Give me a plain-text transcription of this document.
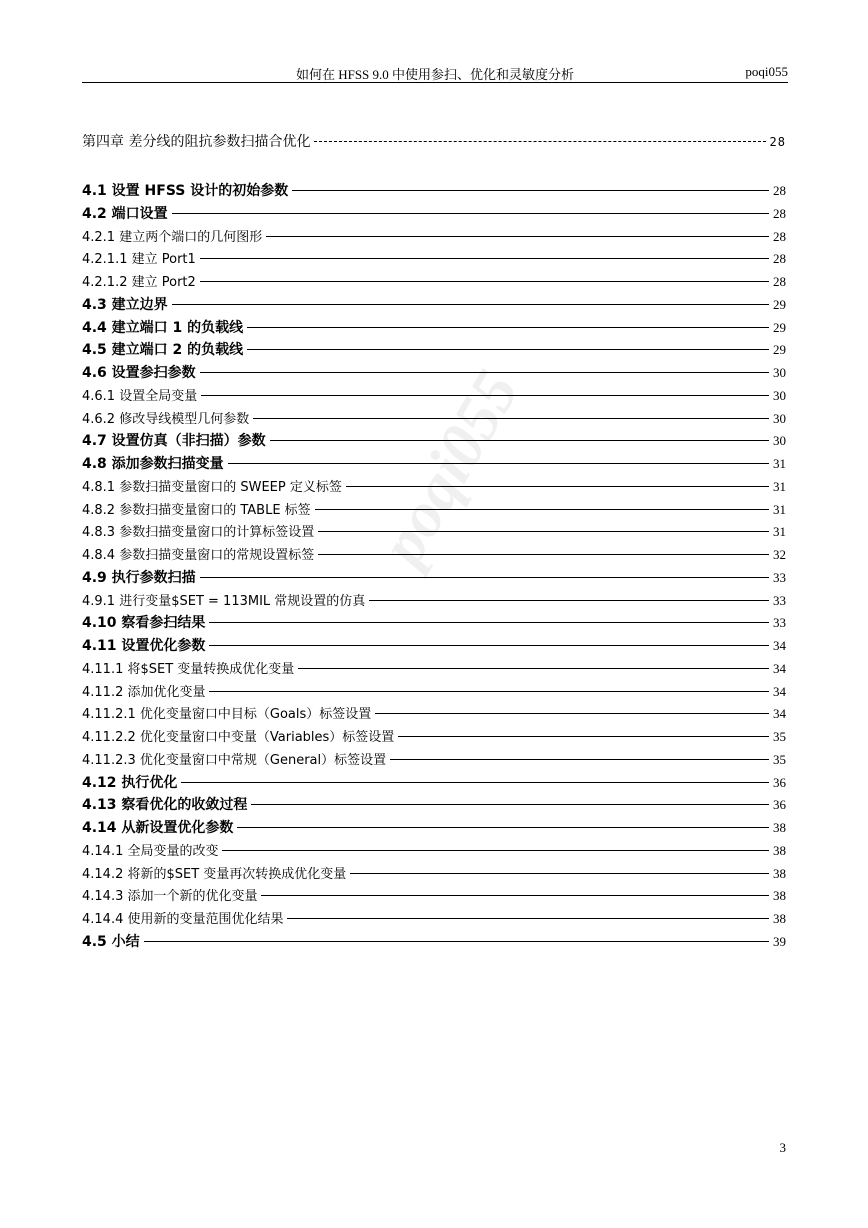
如何在 HFSS 9.0 中使用参扫、优化和灵敏度分析	poqi055
poqi055
第四章 差分线的阻抗参数扫描合优化	28
4.1 设置 HFSS 设计的初始参数	28
4.2 端口设置	28
4.2.1 建立两个端口的几何图形	28
4.2.1.1 建立 Port1	28
4.2.1.2 建立 Port2	28
4.3 建立边界	29
4.4 建立端口 1 的负载线	29
4.5 建立端口 2 的负载线	29
4.6 设置参扫参数	30
4.6.1 设置全局变量	30
4.6.2 修改导线模型几何参数	30
4.7 设置仿真（非扫描）参数	30
4.8 添加参数扫描变量	31
4.8.1 参数扫描变量窗口的 SWEEP 定义标签	31
4.8.2 参数扫描变量窗口的 TABLE 标签	31
4.8.3 参数扫描变量窗口的计算标签设置	31
4.8.4 参数扫描变量窗口的常规设置标签	32
4.9 执行参数扫描	33
4.9.1 进行变量$SET = 113MIL 常规设置的仿真	33
4.10 察看参扫结果	33
4.11 设置优化参数	34
4.11.1 将$SET 变量转换成优化变量	34
4.11.2 添加优化变量	34
4.11.2.1 优化变量窗口中目标（Goals）标签设置	34
4.11.2.2 优化变量窗口中变量（Variables）标签设置	35
4.11.2.3 优化变量窗口中常规（General）标签设置	35
4.12 执行优化	36
4.13 察看优化的收敛过程	36
4.14 从新设置优化参数	38
4.14.1 全局变量的改变	38
4.14.2 将新的$SET 变量再次转换成优化变量	38
4.14.3 添加一个新的优化变量	38
4.14.4 使用新的变量范围优化结果	38
4.5 小结	39
3
